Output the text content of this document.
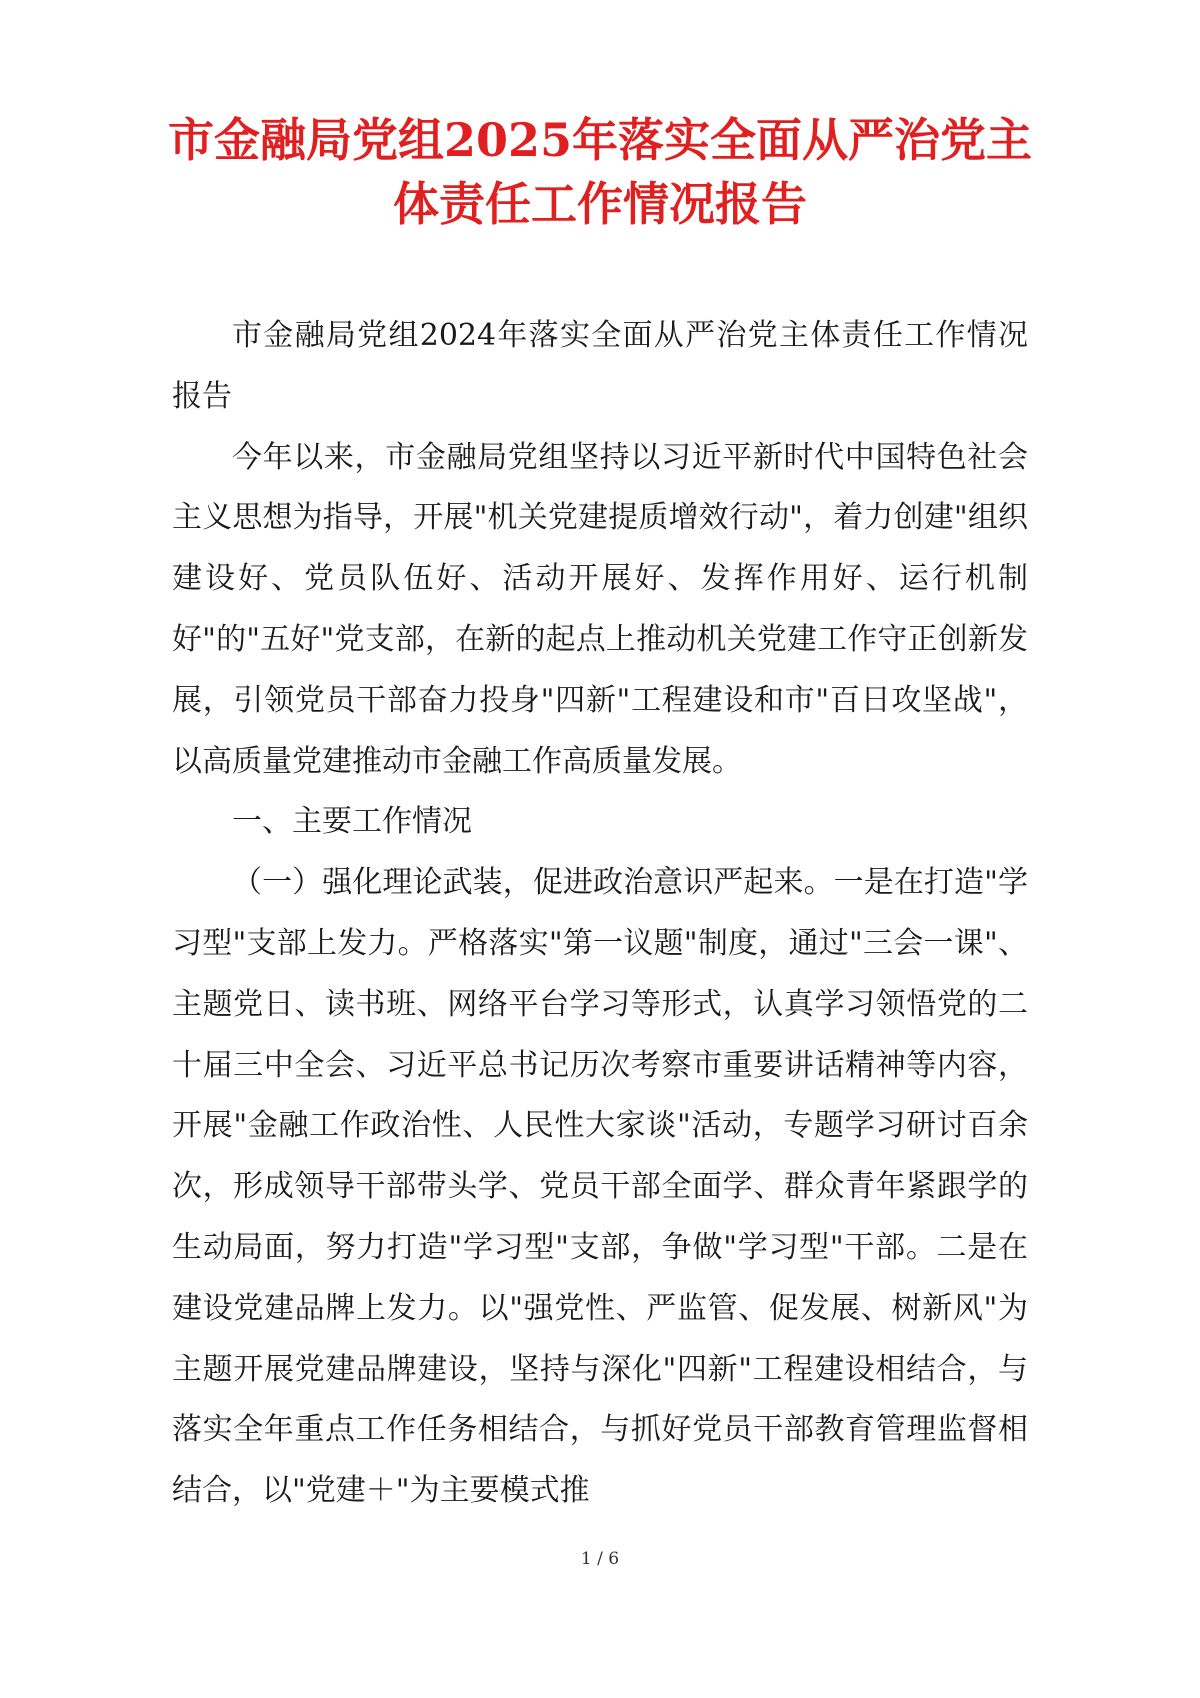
市金融局党组2025年落实全面从严治党主
体责任工作情况报告

市金融局党组2024年落实全面从严治党主体责任工作情况报告

今年以来，市金融局党组坚持以习近平新时代中国特色社会主义思想为指导，开展"机关党建提质增效行动"，着力创建"组织建设好、党员队伍好、活动开展好、发挥作用好、运行机制好"的"五好"党支部，在新的起点上推动机关党建工作守正创新发展，引领党员干部奋力投身"四新"工程建设和市"百日攻坚战"，以高质量党建推动市金融工作高质量发展。

一、主要工作情况

（一）强化理论武装，促进政治意识严起来。一是在打造"学习型"支部上发力。严格落实"第一议题"制度，通过"三会一课"、主题党日、读书班、网络平台学习等形式，认真学习领悟党的二十届三中全会、习近平总书记历次考察市重要讲话精神等内容，开展"金融工作政治性、人民性大家谈"活动，专题学习研讨百余次，形成领导干部带头学、党员干部全面学、群众青年紧跟学的生动局面，努力打造"学习型"支部，争做"学习型"干部。二是在建设党建品牌上发力。以"强党性、严监管、促发展、树新风"为主题开展党建品牌建设，坚持与深化"四新"工程建设相结合，与落实全年重点工作任务相结合，与抓好党员干部教育管理监督相结合，以"党建＋"为主要模式推

1 / 6
